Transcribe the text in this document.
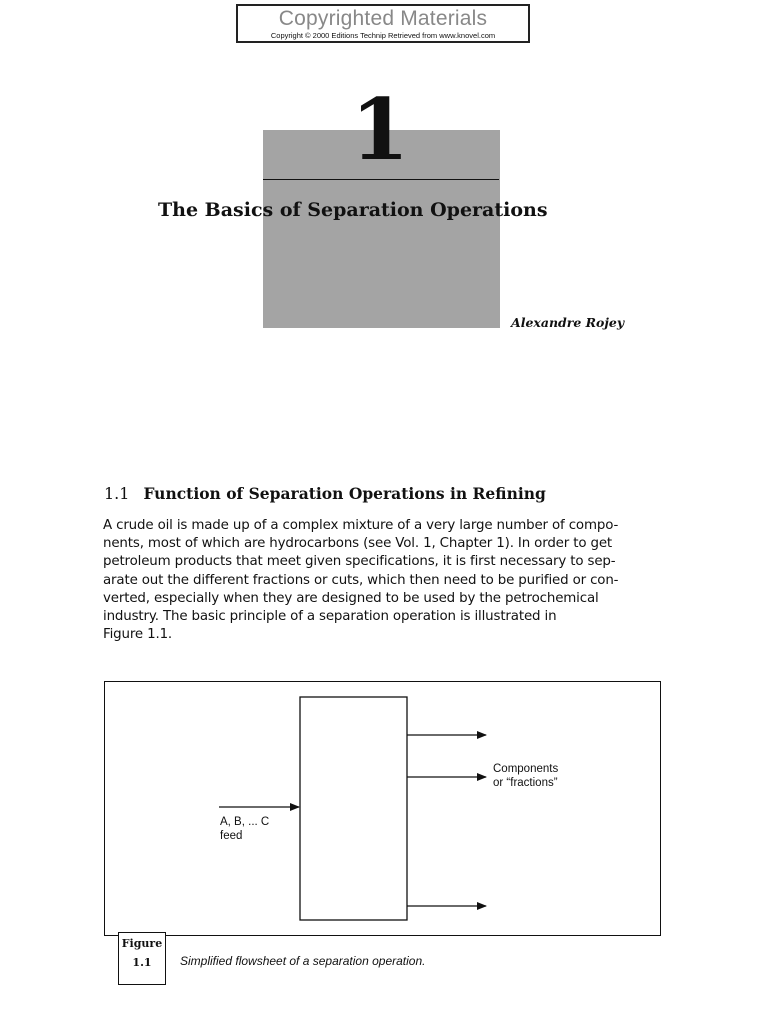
Copyrighted Materials
Copyright © 2000 Editions Technip Retrieved from www.knovel.com
1
The Basics of Separation Operations
Alexandre Rojey
1.1 Function of Separation Operations in Refining
A crude oil is made up of a complex mixture of a very large number of compo-
nents, most of which are hydrocarbons (see Vol. 1, Chapter 1). In order to get
petroleum products that meet given specifications, it is first necessary to sep-
arate out the different fractions or cuts, which then need to be purified or con-
verted, especially when they are designed to be used by the petrochemical
industry. The basic principle of a separation operation is illustrated in
Figure 1.1.
A, B, ... C
feed
Components
or “fractions”
Figure
1.1	Simplified flowsheet of a separation operation.
